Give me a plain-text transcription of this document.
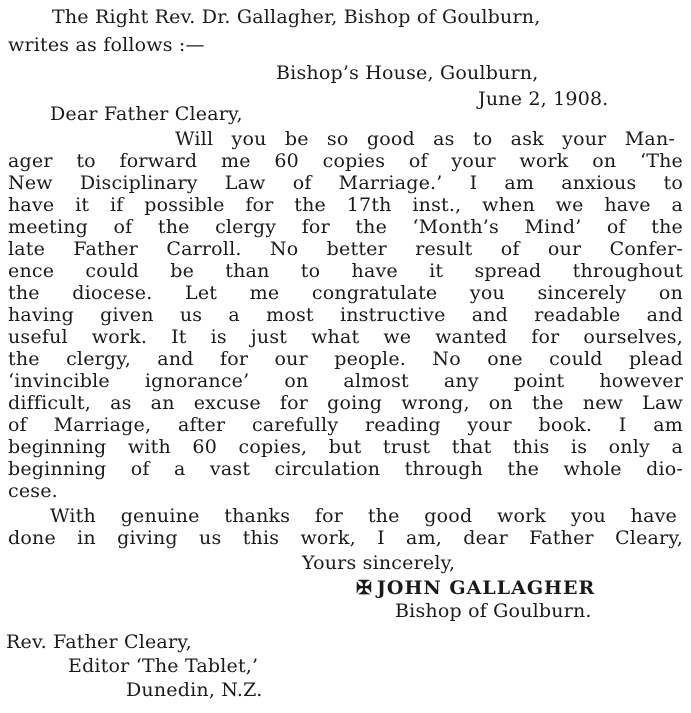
The Right Rev. Dr. Gallagher, Bishop of Goulburn,
writes as follows :—
Bishop’s House, Goulburn,
June 2, 1908.
Dear Father Cleary,
Will you be so good as to ask your Man-
ager to forward me 60 copies of your work on ‘The
New Disciplinary Law of Marriage.’ I am anxious to
have it if possible for the 17th inst., when we have a
meeting of the clergy for the ‘Month’s Mind’ of the
late Father Carroll. No better result of our Confer-
ence could be than to have it spread throughout
the diocese. Let me congratulate you sincerely on
having given us a most instructive and readable and
useful work. It is just what we wanted for ourselves,
the clergy, and for our people. No one could plead
‘invincible ignorance’ on almost any point however
difficult, as an excuse for going wrong, on the new Law
of Marriage, after carefully reading your book. I am
beginning with 60 copies, but trust that this is only a
beginning of a vast circulation through the whole dio-
cese.
With genuine thanks for the good work you have
done in giving us this work, I am, dear Father Cleary,
Yours sincerely,
✠ JOHN GALLAGHER
Bishop of Goulburn.
Rev. Father Cleary,
Editor ‘The Tablet,’
Dunedin, N.Z.
